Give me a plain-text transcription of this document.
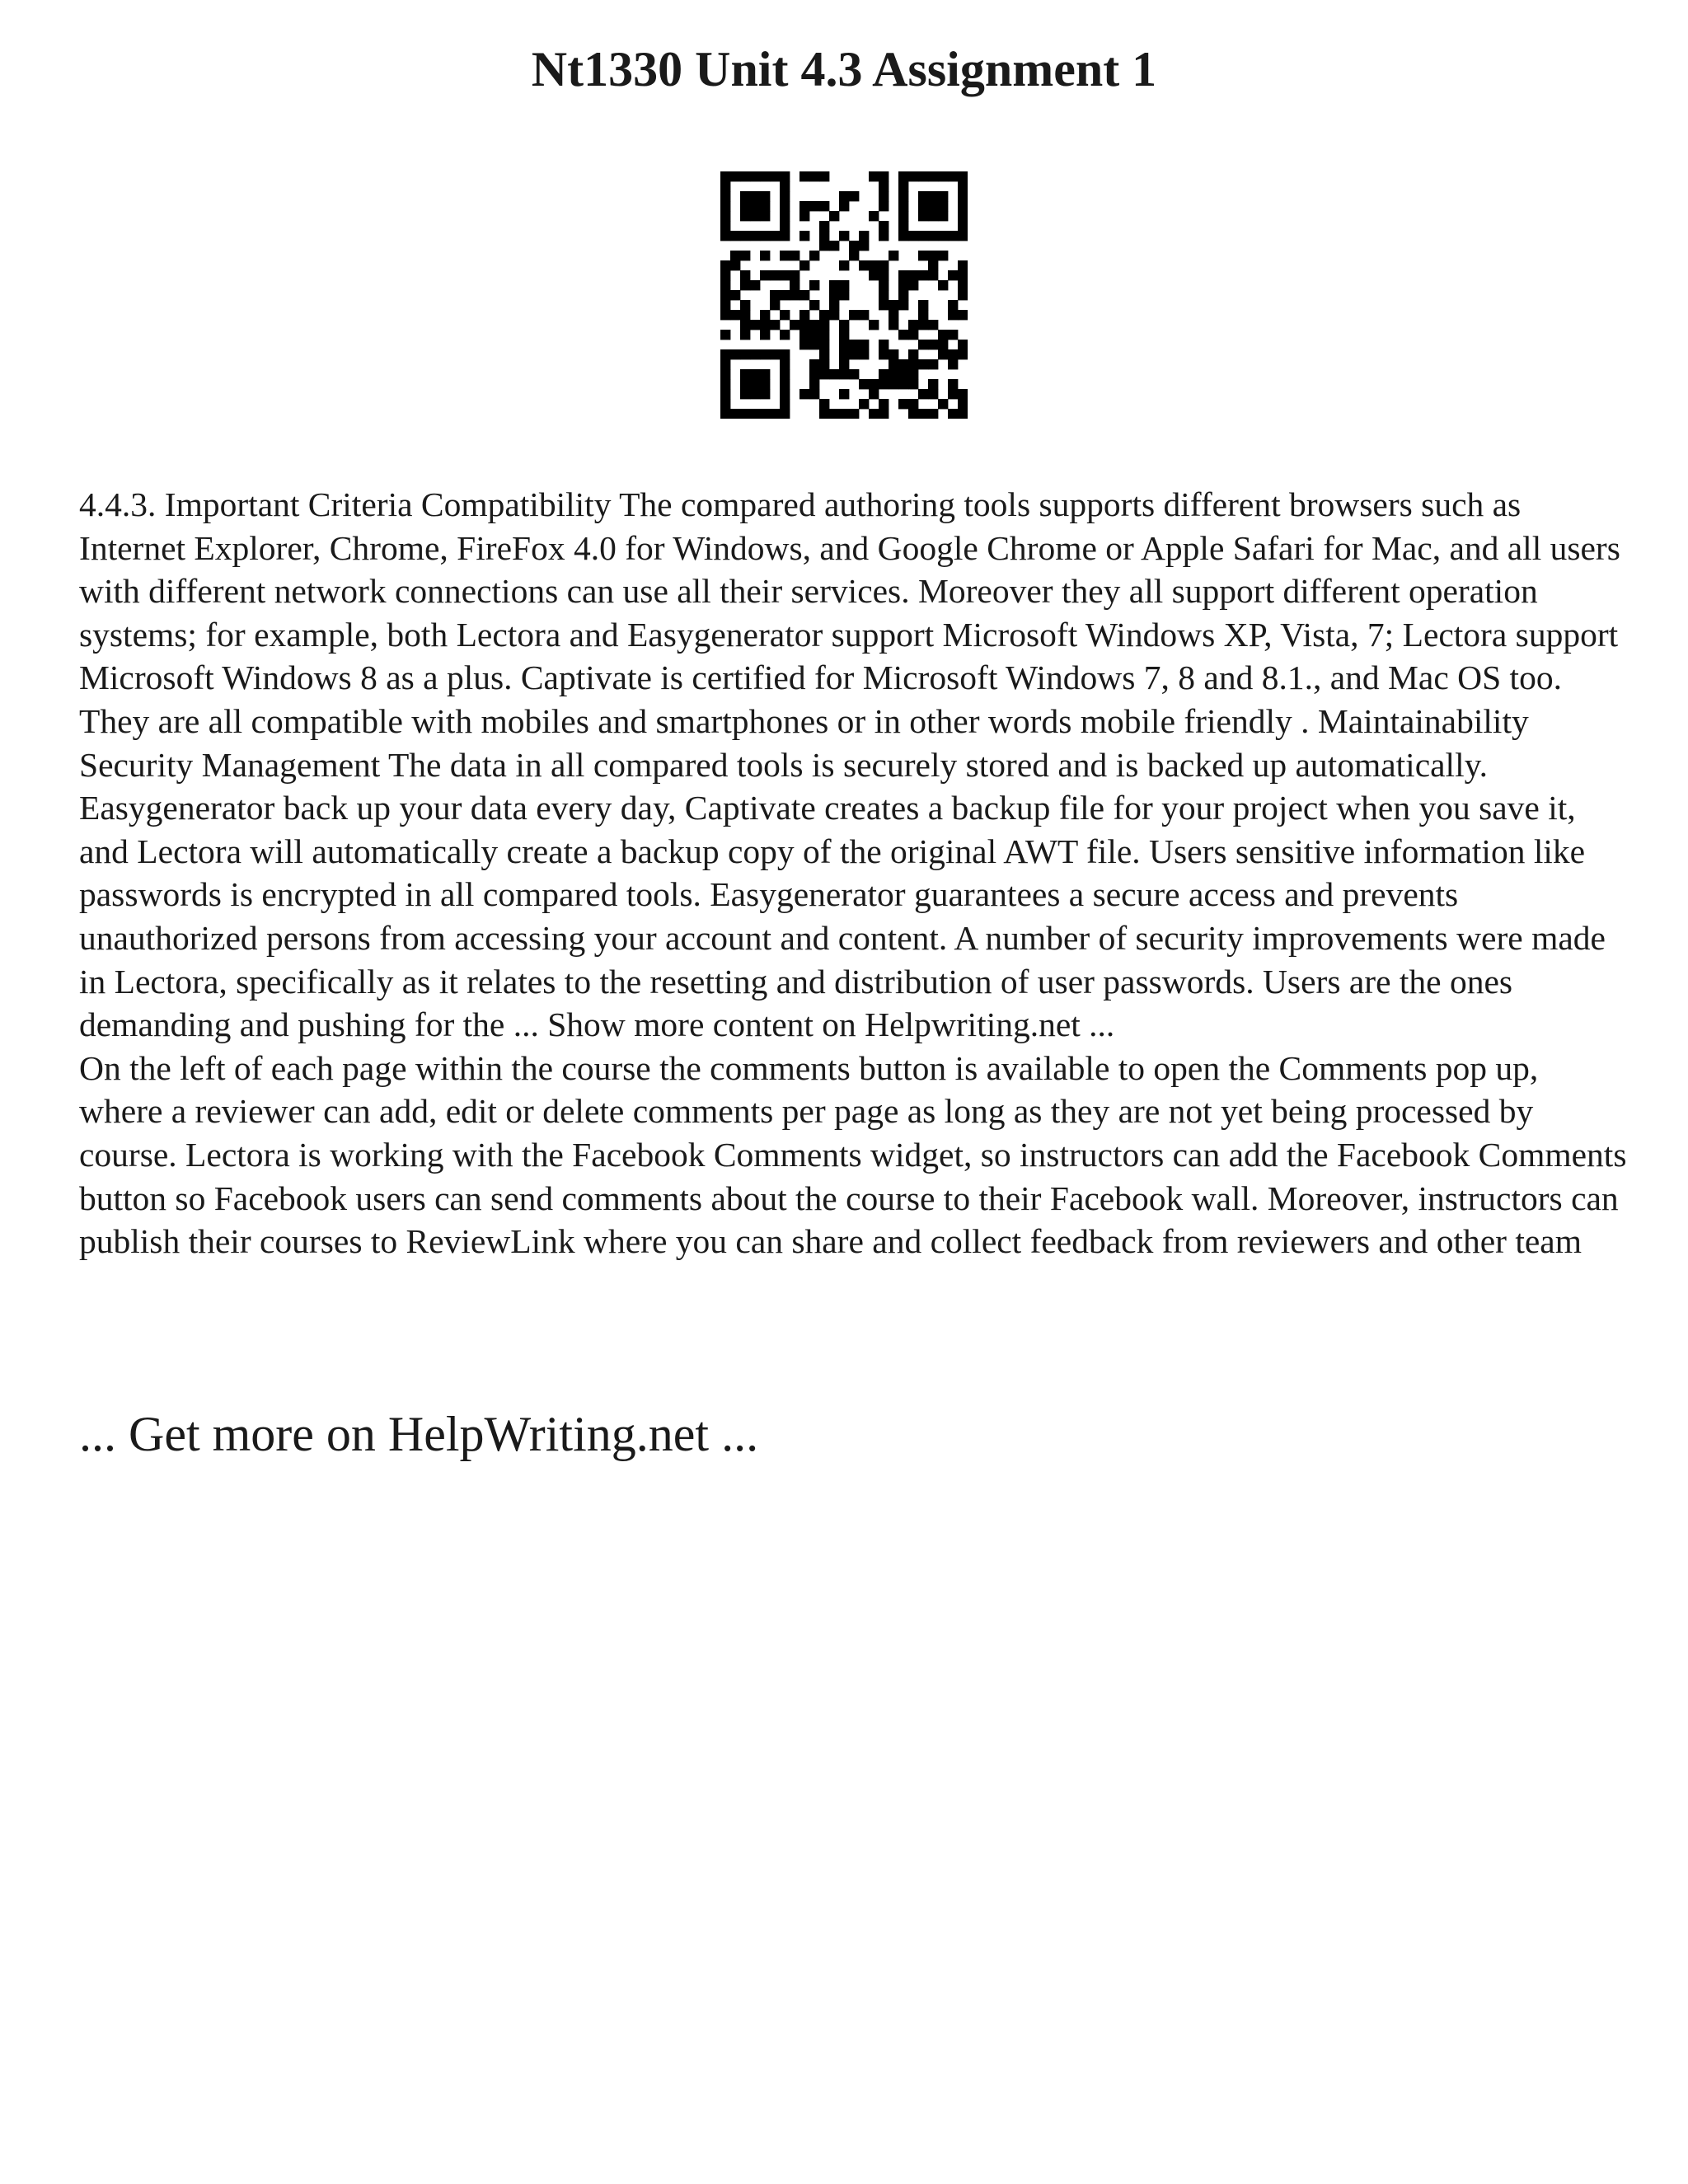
Nt1330 Unit 4.3 Assignment 1

4.4.3. Important Criteria Compatibility The compared authoring tools supports different browsers such as Internet Explorer, Chrome, FireFox 4.0 for Windows, and Google Chrome or Apple Safari for Mac, and all users with different network connections can use all their services. Moreover they all support different operation systems; for example, both Lectora and Easygenerator support Microsoft Windows XP, Vista, 7; Lectora support Microsoft Windows 8 as a plus. Captivate is certified for Microsoft Windows 7, 8 and 8.1., and Mac OS too. They are all compatible with mobiles and smartphones or in other words mobile friendly . Maintainability Security Management The data in all compared tools is securely stored and is backed up automatically. Easygenerator back up your data every day, Captivate creates a backup file for your project when you save it, and Lectora will automatically create a backup copy of the original AWT file. Users sensitive information like passwords is encrypted in all compared tools. Easygenerator guarantees a secure access and prevents unauthorized persons from accessing your account and content. A number of security improvements were made in Lectora, specifically as it relates to the resetting and distribution of user passwords. Users are the ones demanding and pushing for the ... Show more content on Helpwriting.net ...

On the left of each page within the course the comments button is available to open the Comments pop up, where a reviewer can add, edit or delete comments per page as long as they are not yet being processed by course. Lectora is working with the Facebook Comments widget, so instructors can add the Facebook Comments button so Facebook users can send comments about the course to their Facebook wall. Moreover, instructors can publish their courses to ReviewLink where you can share and collect feedback from reviewers and other team

... Get more on HelpWriting.net ...
